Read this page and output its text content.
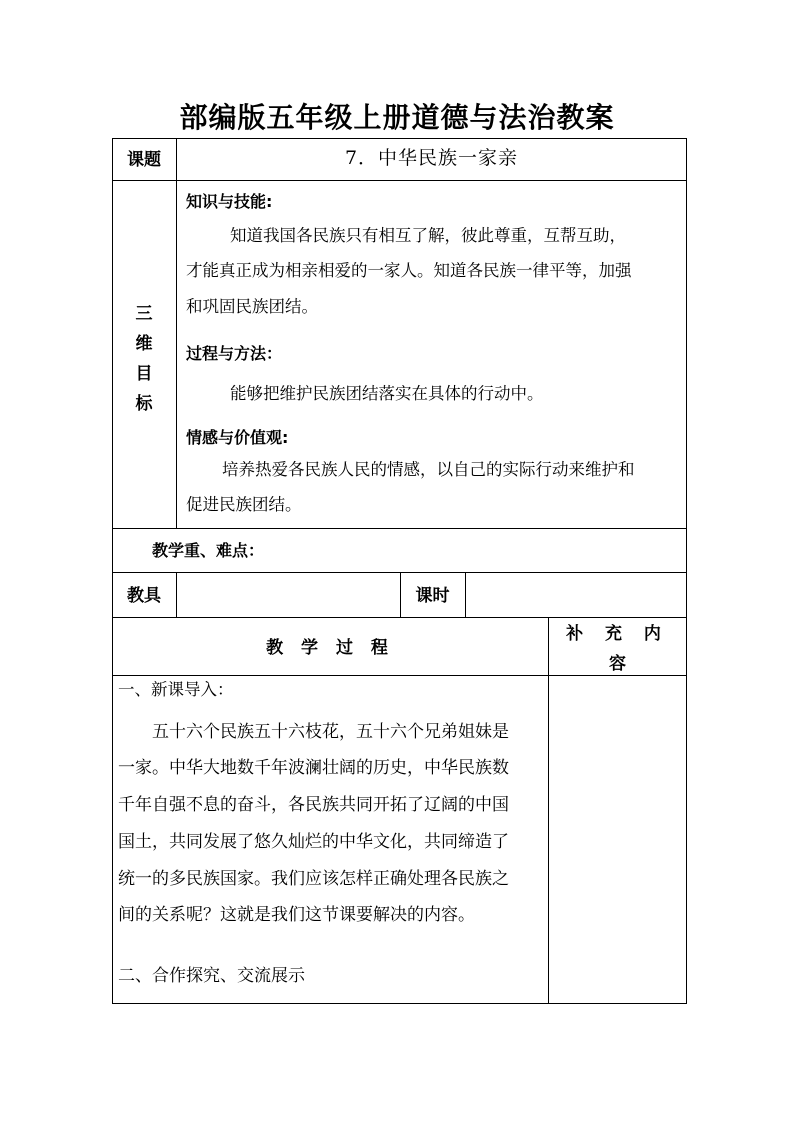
部编版五年级上册道德与法治教案
课题	7．中华民族一家亲
三
维
目
标
知识与技能:
知道我国各民族只有相互了解，彼此尊重，互帮互助，
才能真正成为相亲相爱的一家人。知道各民族一律平等，加强
和巩固民族团结。
过程与方法：
能够把维护民族团结落实在具体的行动中。
情感与价值观:
培养热爱各民族人民的情感，以自己的实际行动来维护和
促进民族团结。
教学重、难点：
教具	课时
教 学 过 程
补 充 内
容
一、新课导入：
五十六个民族五十六枝花，五十六个兄弟姐妹是
一家。中华大地数千年波澜壮阔的历史，中华民族数
千年自强不息的奋斗，各民族共同开拓了辽阔的中国
国土，共同发展了悠久灿烂的中华文化，共同缔造了
统一的多民族国家。我们应该怎样正确处理各民族之
间的关系呢？这就是我们这节课要解决的内容。
二、合作探究、交流展示
